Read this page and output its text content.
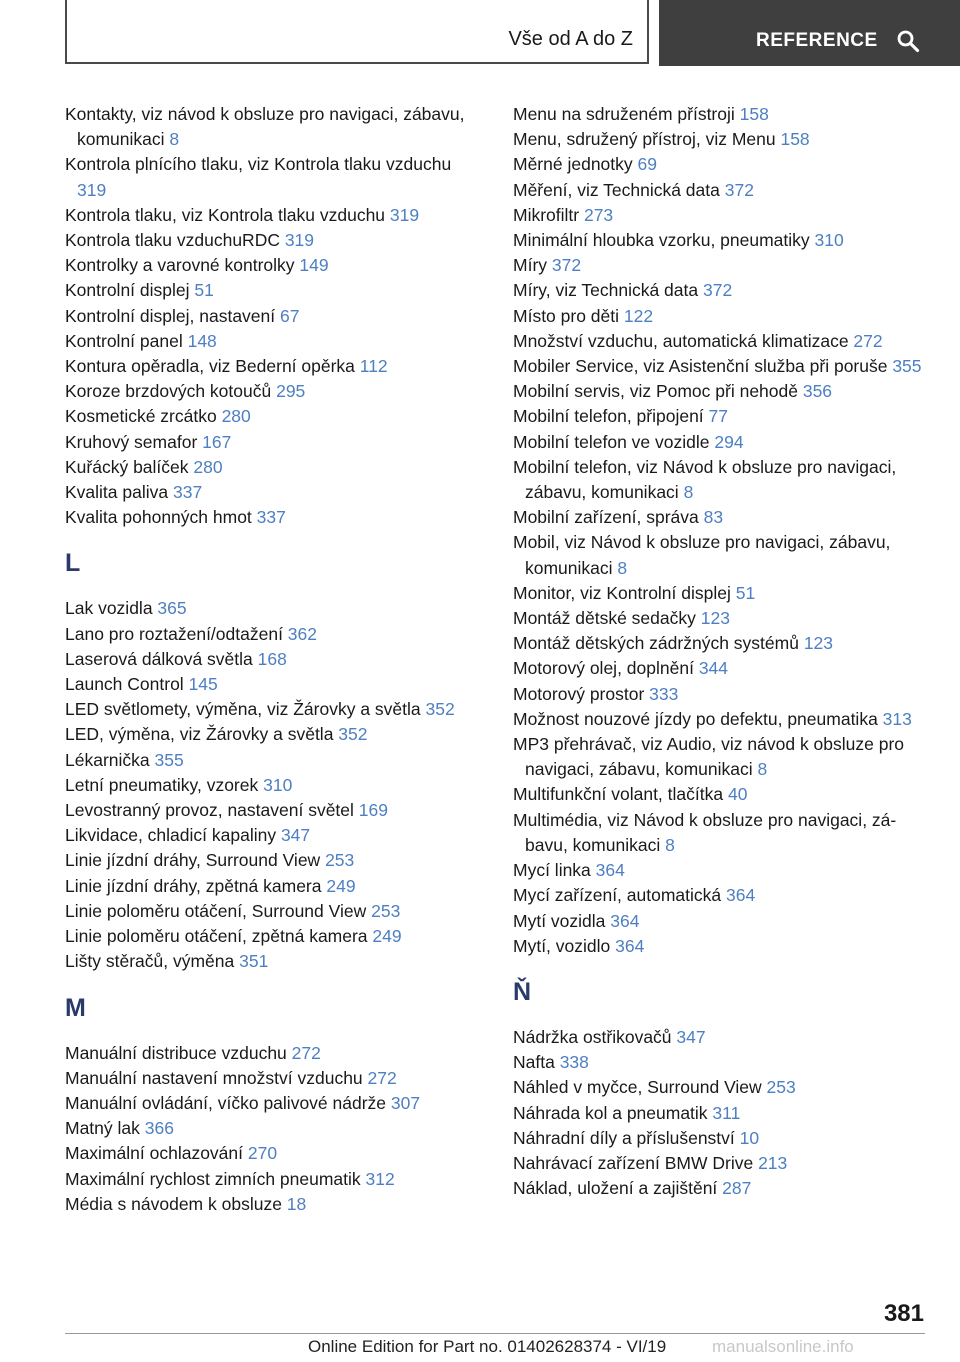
Vše od A do Z	REFERENCE

Kontakty, viz návod k obsluze pro navigaci, zábavu, komunikaci 8

Kontrola plnícího tlaku, viz Kontrola tlaku vzduchu 319

Kontrola tlaku, viz Kontrola tlaku vzduchu 319

Kontrola tlaku vzduchuRDC 319

Kontrolky a varovné kontrolky 149

Kontrolní displej 51

Kontrolní displej, nastavení 67

Kontrolní panel 148

Kontura opěradla, viz Bederní opěrka 112

Koroze brzdových kotoučů 295

Kosmetické zrcátko 280

Kruhový semafor 167

Kuřácký balíček 280

Kvalita paliva 337

Kvalita pohonných hmot 337

L

Lak vozidla 365

Lano pro roztažení/odtažení 362

Laserová dálková světla 168

Launch Control 145

LED světlomety, výměna, viz Žárovky a světla 352

LED, výměna, viz Žárovky a světla 352

Lékarnička 355

Letní pneumatiky, vzorek 310

Levostranný provoz, nastavení světel 169

Likvidace, chladicí kapaliny 347

Linie jízdní dráhy, Surround View 253

Linie jízdní dráhy, zpětná kamera 249

Linie poloměru otáčení, Surround View 253

Linie poloměru otáčení, zpětná kamera 249

Lišty stěračů, výměna 351

M

Manuální distribuce vzduchu 272

Manuální nastavení množství vzduchu 272

Manuální ovládání, víčko palivové nádrže 307

Matný lak 366

Maximální ochlazování 270

Maximální rychlost zimních pneumatik 312

Média s návodem k obsluze 18

Menu na sdruženém přístroji 158

Menu, sdružený přístroj, viz Menu 158

Měrné jednotky 69

Měření, viz Technická data 372

Mikrofiltr 273

Minimální hloubka vzorku, pneumatiky 310

Míry 372

Míry, viz Technická data 372

Místo pro děti 122

Množství vzduchu, automatická klimatizace 272

Mobiler Service, viz Asistenční služba při poruše 355

Mobilní servis, viz Pomoc při nehodě 356

Mobilní telefon, připojení 77

Mobilní telefon ve vozidle 294

Mobilní telefon, viz Návod k obsluze pro navigaci, zábavu, komunikaci 8

Mobilní zařízení, správa 83

Mobil, viz Návod k obsluze pro navigaci, zábavu, komunikaci 8

Monitor, viz Kontrolní displej 51

Montáž dětské sedačky 123

Montáž dětských zádržných systémů 123

Motorový olej, doplnění 344

Motorový prostor 333

Možnost nouzové jízdy po defektu, pneumatika 313

MP3 přehrávač, viz Audio, viz návod k obsluze pro navigaci, zábavu, komunikaci 8

Multifunkční volant, tlačítka 40

Multimédia, viz Návod k obsluze pro navigaci, zábavu, komunikaci 8

Mycí linka 364

Mycí zařízení, automatická 364

Mytí vozidla 364

Mytí, vozidlo 364

Ň

Nádržka ostřikovačů 347

Nafta 338

Náhled v myčce, Surround View 253

Náhrada kol a pneumatik 311

Náhradní díly a příslušenství 10

Nahrávací zařízení BMW Drive 213

Náklad, uložení a zajištění 287

381
Online Edition for Part no. 01402628374 - VI/19	manualsonline.info
